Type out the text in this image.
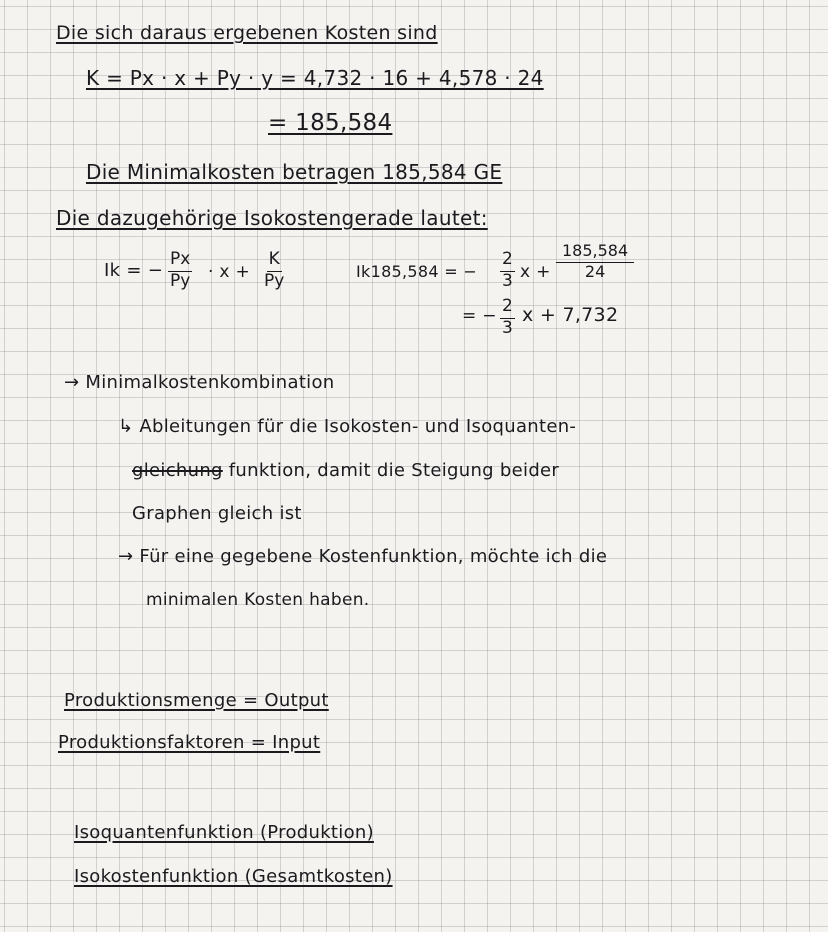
Die sich daraus ergebenen Kosten sind
K = Px · x + Py · y = 4,732 · 16 + 4,578 · 24
= 185,584
Die Minimalkosten betragen 185,584 GE
Die dazugehörige Isokostengerade lautet:
Ik = − $\frac{Px}{Py} \cdot x + \frac{K}{Py}$	Ik185,584 = − $\frac{2}{3}$ $x + \frac{185,584}{24}$
= − $\frac{2}{3}$ x + 7,732
→ Minimalkostenkombination
↳ Ableitungen für die Isokosten- und Isoquanten-
gleichung funktion, damit die Steigung beider
Graphen gleich ist
→ Für eine gegebene Kostenfunktion, möchte ich die
minimalen Kosten haben.
Produktionsmenge = Output
Produktionsfaktoren = Input
Isoquantenfunktion (Produktion)
Isokostenfunktion (Gesamtkosten)
